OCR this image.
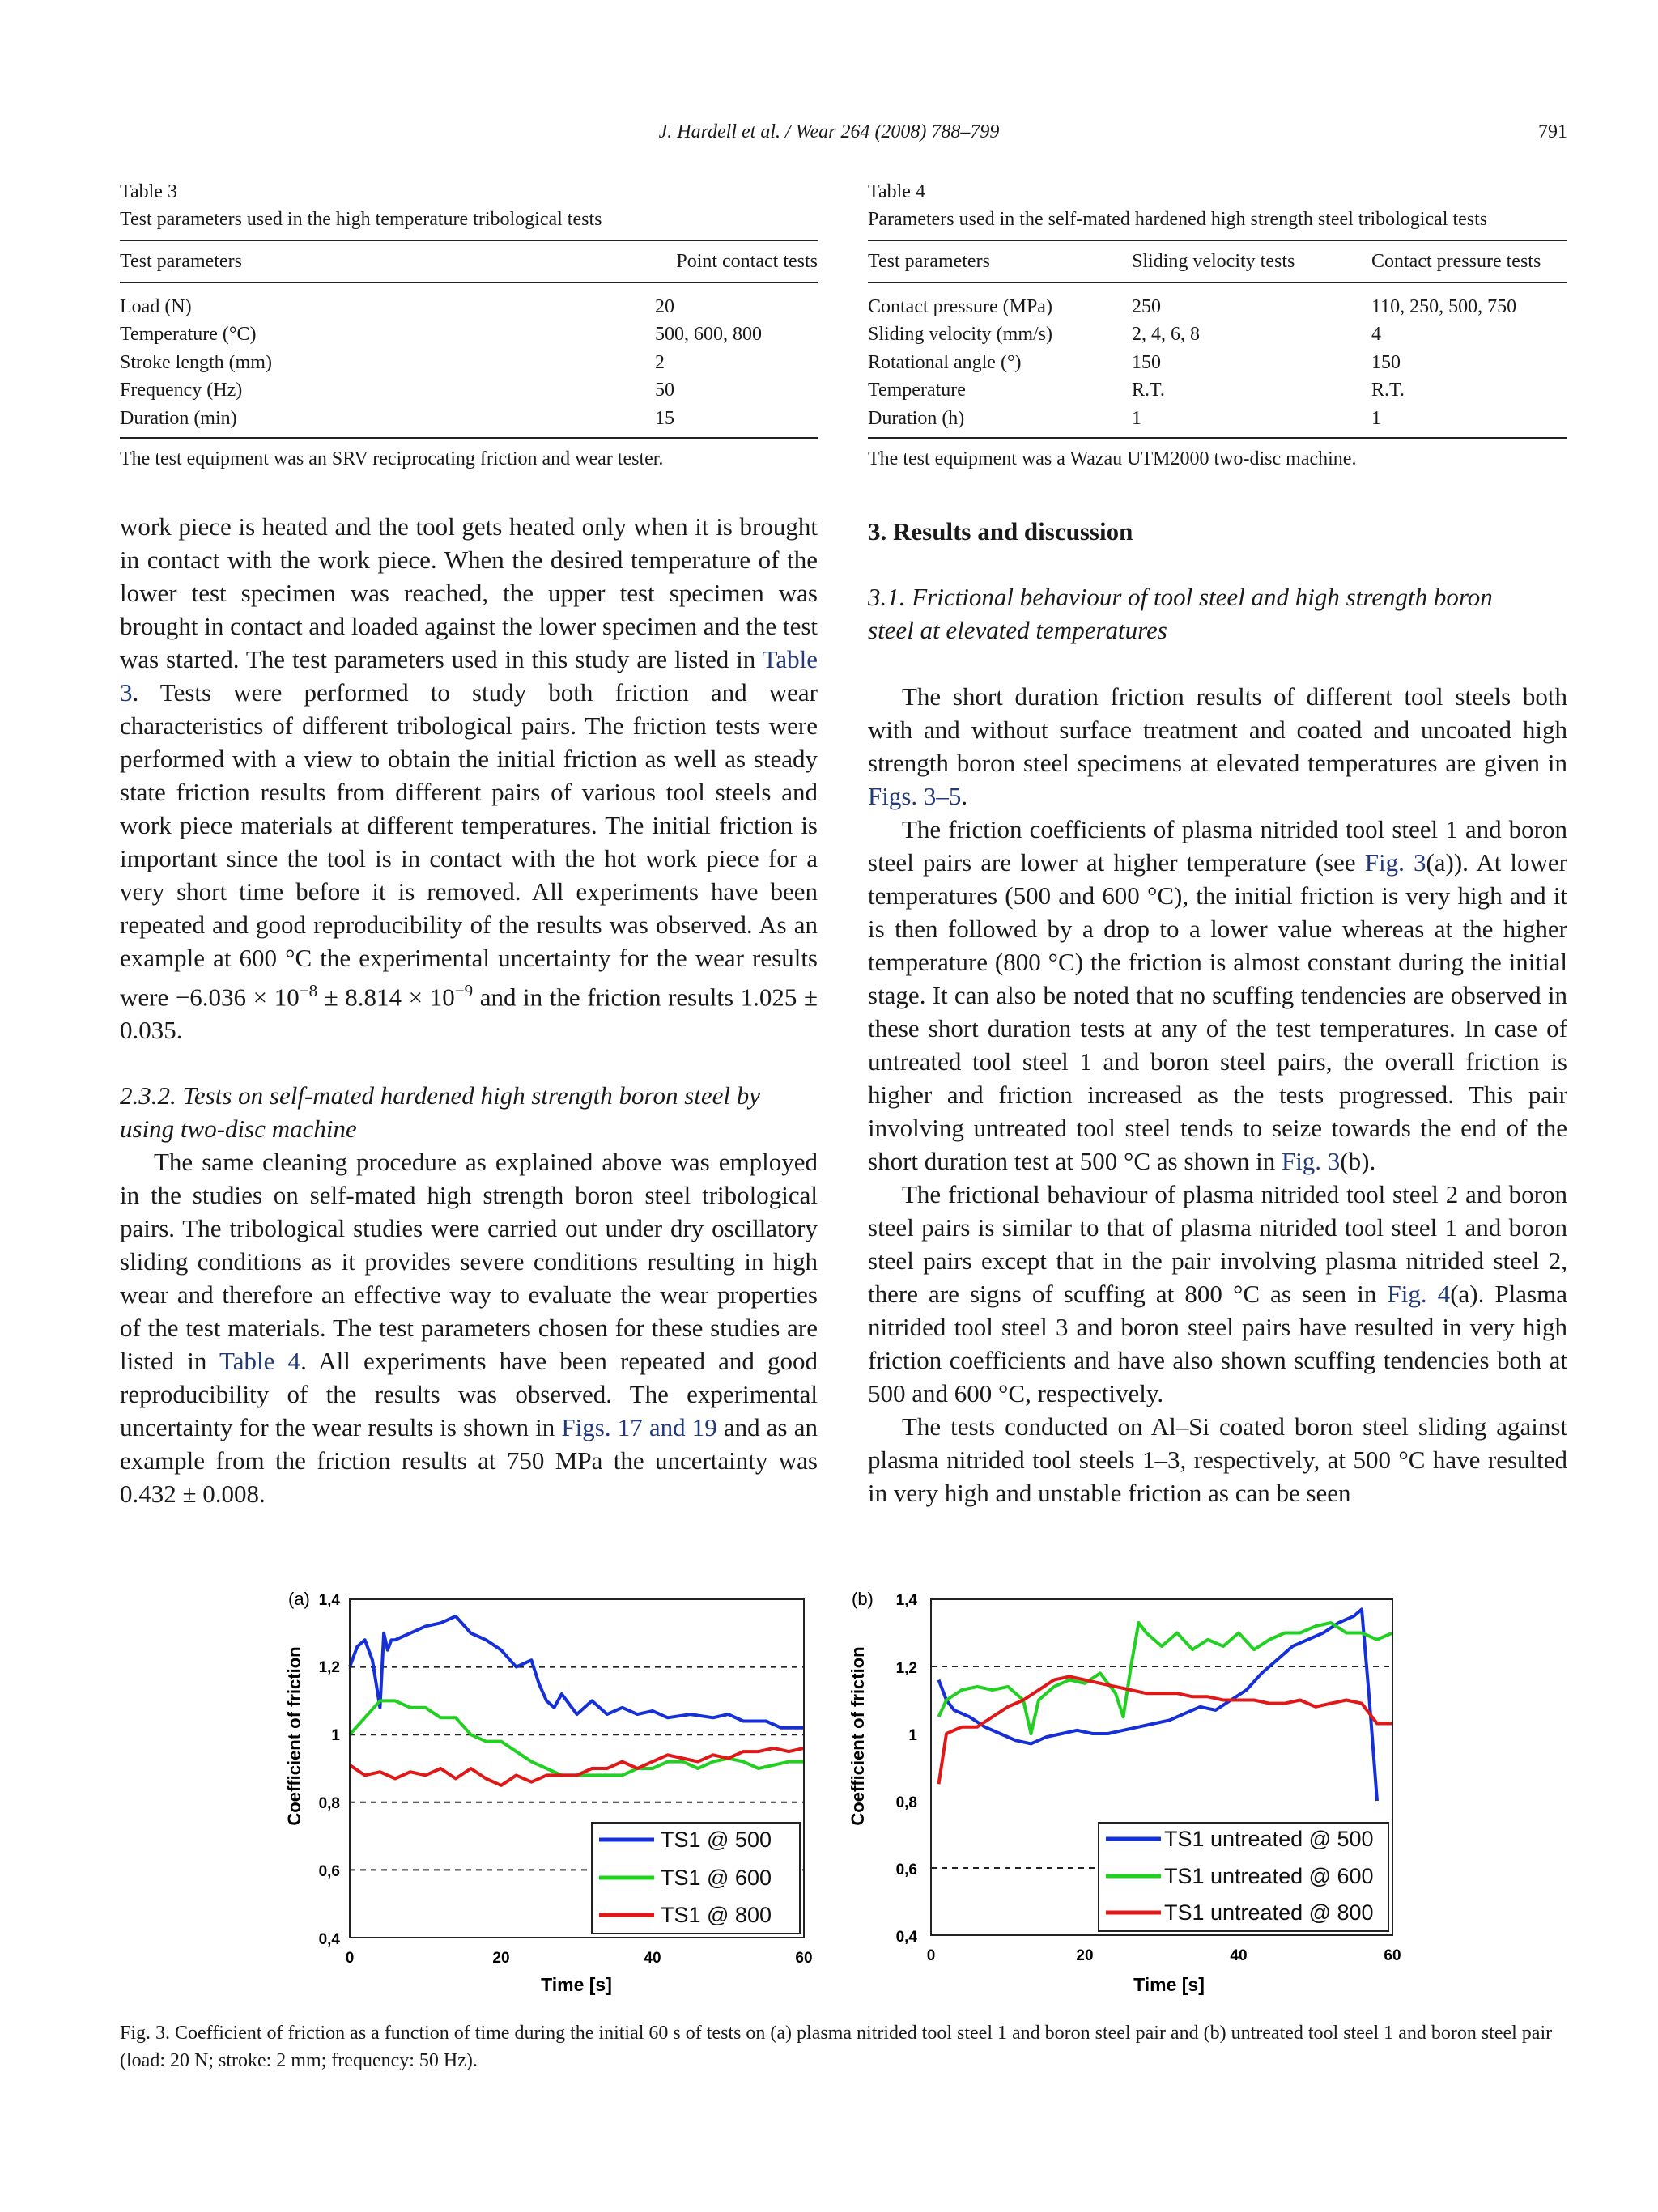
J. Hardell et al. / Wear 264 (2008) 788–799	791

Table 3

Test parameters used in the high temperature tribological tests

Test parameters	Point contact tests
Load (N)	20
Temperature (°C)	500, 600, 800
Stroke length (mm)	2
Frequency (Hz)	50
Duration (min)	15

The test equipment was an SRV reciprocating friction and wear tester.

Table 4

Parameters used in the self-mated hardened high strength steel tribological tests

Test parameters	Sliding velocity tests	Contact pressure tests
Contact pressure (MPa)	250	110, 250, 500, 750
Sliding velocity (mm/s)	2, 4, 6, 8	4
Rotational angle (°)	150	150
Temperature	R.T.	R.T.
Duration (h)	1	1

The test equipment was a Wazau UTM2000 two-disc machine.

work piece is heated and the tool gets heated only when it is brought in contact with the work piece. When the desired temperature of the lower test specimen was reached, the upper test specimen was brought in contact and loaded against the lower specimen and the test was started. The test parameters used in this study are listed in Table 3. Tests were performed to study both friction and wear characteristics of different tribological pairs. The friction tests were performed with a view to obtain the initial friction as well as steady state friction results from different pairs of various tool steels and work piece materials at different temperatures. The initial friction is important since the tool is in contact with the hot work piece for a very short time before it is removed. All experiments have been repeated and good reproducibility of the results was observed. As an example at 600 °C the experimental uncertainty for the wear results were $-6.036 \times 10^{-8} \pm 8.814 \times 10^{-9}$ and in the friction results 1.025 ± 0.035.

2.3.2. Tests on self-mated hardened high strength boron steel by using two-disc machine

The same cleaning procedure as explained above was employed in the studies on self-mated high strength boron steel tribological pairs. The tribological studies were carried out under dry oscillatory sliding conditions as it provides severe conditions resulting in high wear and therefore an effective way to evaluate the wear properties of the test materials. The test parameters chosen for these studies are listed in Table 4. All experiments have been repeated and good reproducibility of the results was observed. The experimental uncertainty for the wear results is shown in Figs. 17 and 19 and as an example from the friction results at 750 MPa the uncertainty was 0.432 ± 0.008.

3. Results and discussion

3.1. Frictional behaviour of tool steel and high strength boron steel at elevated temperatures

The short duration friction results of different tool steels both with and without surface treatment and coated and uncoated high strength boron steel specimens at elevated temperatures are given in Figs. 3–5.

The friction coefficients of plasma nitrided tool steel 1 and boron steel pairs are lower at higher temperature (see Fig. 3(a)). At lower temperatures (500 and 600 °C), the initial friction is very high and it is then followed by a drop to a lower value whereas at the higher temperature (800 °C) the friction is almost constant during the initial stage. It can also be noted that no scuffing tendencies are observed in these short duration tests at any of the test temperatures. In case of untreated tool steel 1 and boron steel pairs, the overall friction is higher and friction increased as the tests progressed. This pair involving untreated tool steel tends to seize towards the end of the short duration test at 500 °C as shown in Fig. 3(b).

The frictional behaviour of plasma nitrided tool steel 2 and boron steel pairs is similar to that of plasma nitrided tool steel 1 and boron steel pairs except that in the pair involving plasma nitrided steel 2, there are signs of scuffing at 800 °C as seen in Fig. 4(a). Plasma nitrided tool steel 3 and boron steel pairs have resulted in very high friction coefficients and have also shown scuffing tendencies both at 500 and 600 °C, respectively.

The tests conducted on Al–Si coated boron steel sliding against plasma nitrided tool steels 1–3, respectively, at 500 °C have resulted in very high and unstable friction as can be seen

(a)
Coefficient of friction
0,4
0,6
0,8
1
1,2
1,4
0	20	40	60
Time [s]
TS1 @ 500
TS1 @ 600
TS1 @ 800
(b)
Coefficient of friction
0,4
0,6
0,8
1
1,2
1,4
0	20	40	60
Time [s]
TS1 untreated @ 500
TS1 untreated @ 600
TS1 untreated @ 800
Fig. 3. Coefficient of friction as a function of time during the initial 60 s of tests on (a) plasma nitrided tool steel 1 and boron steel pair and (b) untreated tool steel 1 and boron steel pair (load: 20 N; stroke: 2 mm; frequency: 50 Hz).
